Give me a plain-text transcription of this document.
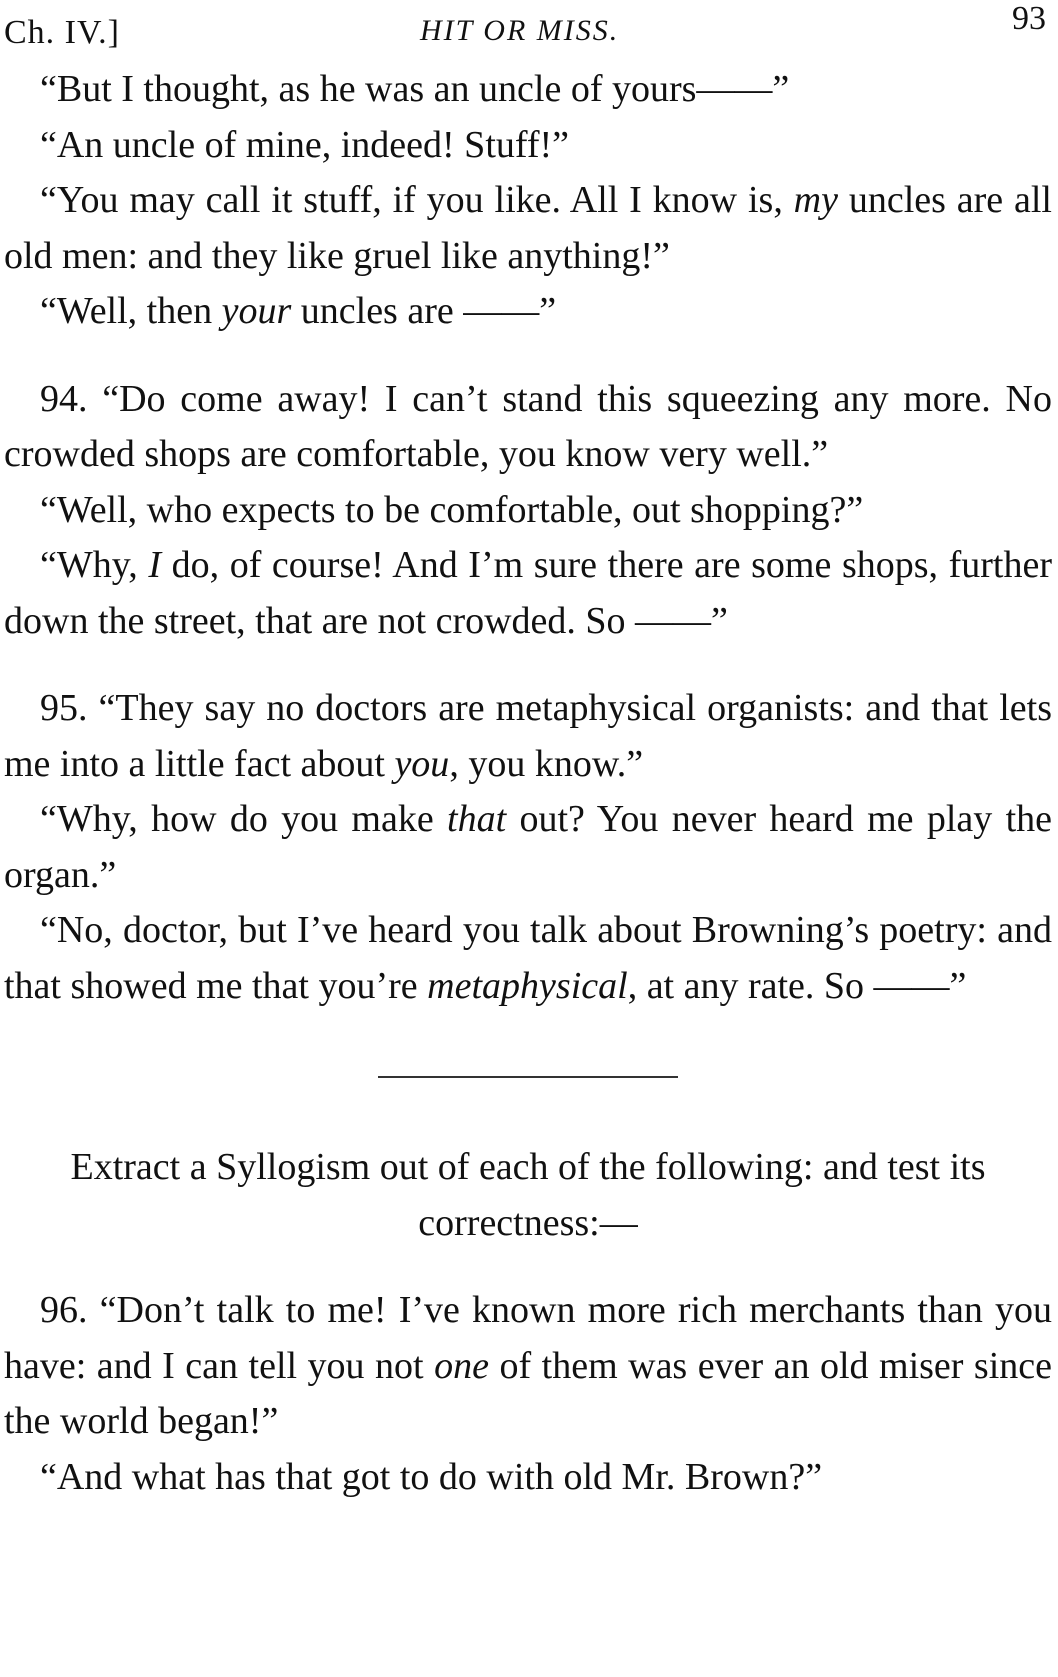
Ch. IV.]	HIT OR MISS.	93

“But I thought, as he was an uncle of yours——”

“An uncle of mine, indeed! Stuff!”

“You may call it stuff, if you like. All I know is, my uncles are all old men: and they like gruel like anything!”

“Well, then your uncles are ——”

94. “Do come away! I can’t stand this squeezing any more. No crowded shops are comfortable, you know very well.”

“Well, who expects to be comfortable, out shopping?”

“Why, I do, of course! And I’m sure there are some shops, further down the street, that are not crowded. So ——”

95. “They say no doctors are metaphysical organists: and that lets me into a little fact about you, you know.”

“Why, how do you make that out? You never heard me play the organ.”

“No, doctor, but I’ve heard you talk about Browning’s poetry: and that showed me that you’re metaphysical, at any rate. So ——”

Extract a Syllogism out of each of the following: and test its correctness:—

96. “Don’t talk to me! I’ve known more rich merchants than you have: and I can tell you not one of them was ever an old miser since the world began!”

“And what has that got to do with old Mr. Brown?”
